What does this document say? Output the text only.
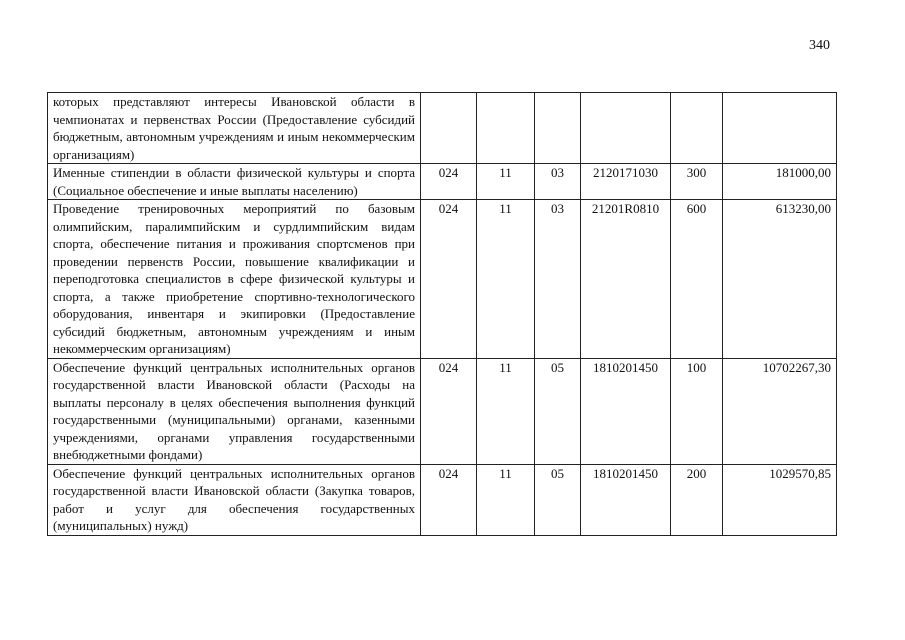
340
которых представляют интересы Ивановской области в чемпионатах и первенствах России (Предоставление субсидий бюджетным, автономным учреждениям и иным некоммерческим организациям)						
Именные стипендии в области физической культуры и спорта (Социальное обеспечение и иные выплаты населению)	024	11	03	2120171030	300	181000,00
Проведение тренировочных мероприятий по базовым олимпийским, паралимпийским и сурдлимпийским видам спорта, обеспечение питания и проживания спортсменов при проведении первенств России, повышение квалификации и переподготовка специалистов в сфере физической культуры и спорта, а также приобретение спортивно-технологического оборудования, инвентаря и экипировки (Предоставление субсидий бюджетным, автономным учреждениям и иным некоммерческим организациям)	024	11	03	21201R0810	600	613230,00
Обеспечение функций центральных исполнительных органов государственной власти Ивановской области (Расходы на выплаты персоналу в целях обеспечения выполнения функций государственными (муниципальными) органами, казенными учреждениями, органами управления государственными внебюджетными фондами)	024	11	05	1810201450	100	10702267,30
Обеспечение функций центральных исполнительных органов государственной власти Ивановской области (Закупка товаров, работ и услуг для обеспечения государственных (муниципальных) нужд)	024	11	05	1810201450	200	1029570,85
